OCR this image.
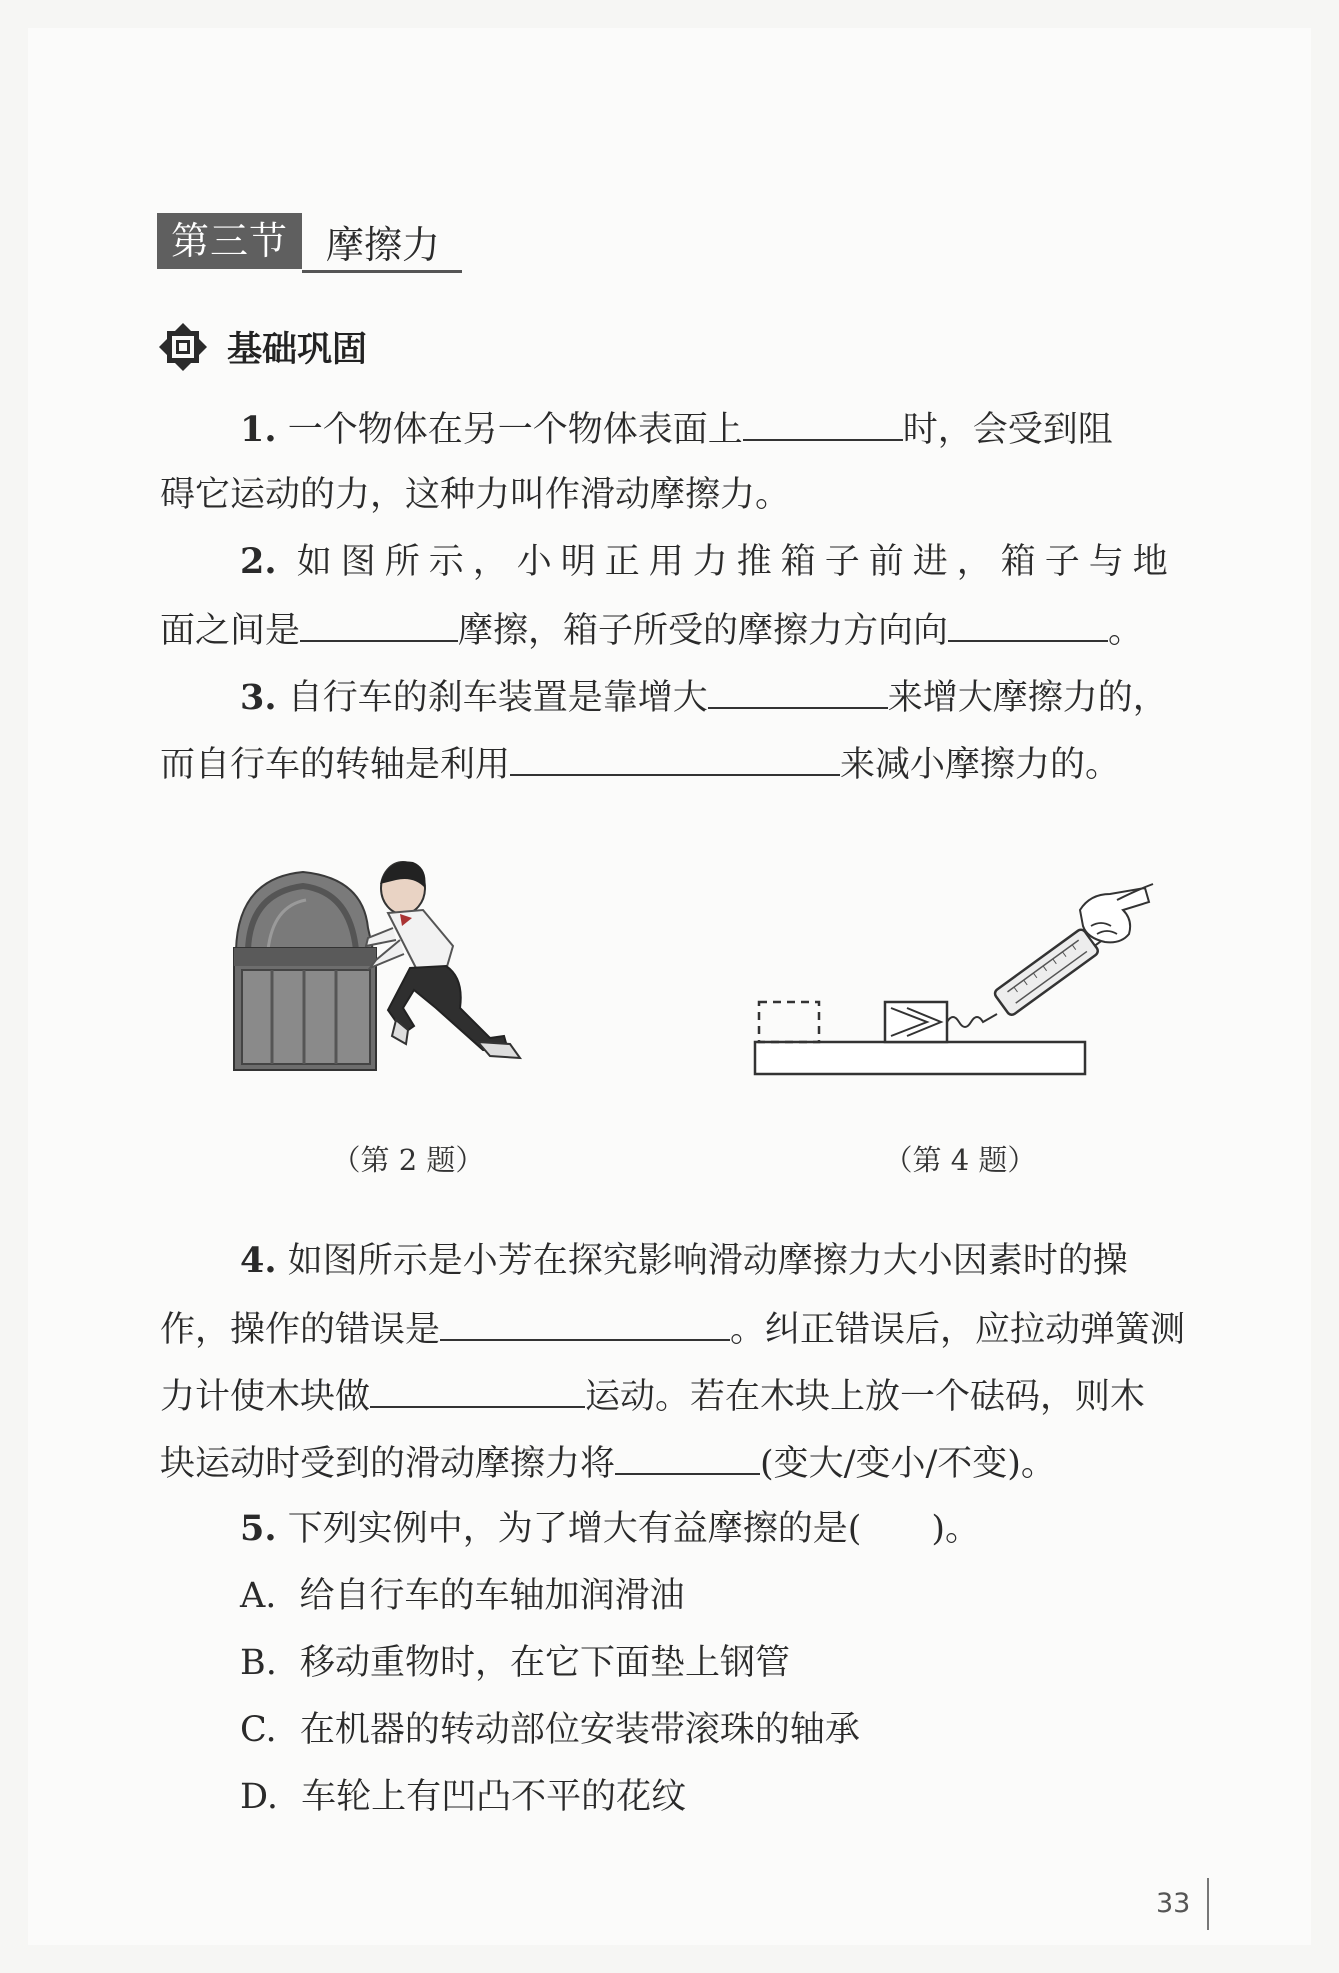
第三节	摩擦力
基础巩固
1. 一个物体在另一个物体表面上	时，会受到阻
碍它运动的力，这种力叫作滑动摩擦力。
2. 如图所示，小明正用力推箱子前进，箱子与地
面之间是	摩擦，箱子所受的摩擦力方向向	。
3. 自行车的刹车装置是靠增大	来增大摩擦力的，
而自行车的转轴是利用	来减小摩擦力的。
（第 2 题）	（第 4 题）
4. 如图所示是小芳在探究影响滑动摩擦力大小因素时的操
作，操作的错误是	。纠正错误后，应拉动弹簧测
力计使木块做	运动。若在木块上放一个砝码，则木
块运动时受到的滑动摩擦力将	(变大/变小/不变)。
5. 下列实例中，为了增大有益摩擦的是( )。
A. 给自行车的车轴加润滑油
B. 移动重物时，在它下面垫上钢管
C. 在机器的转动部位安装带滚珠的轴承
D. 车轮上有凹凸不平的花纹
33
